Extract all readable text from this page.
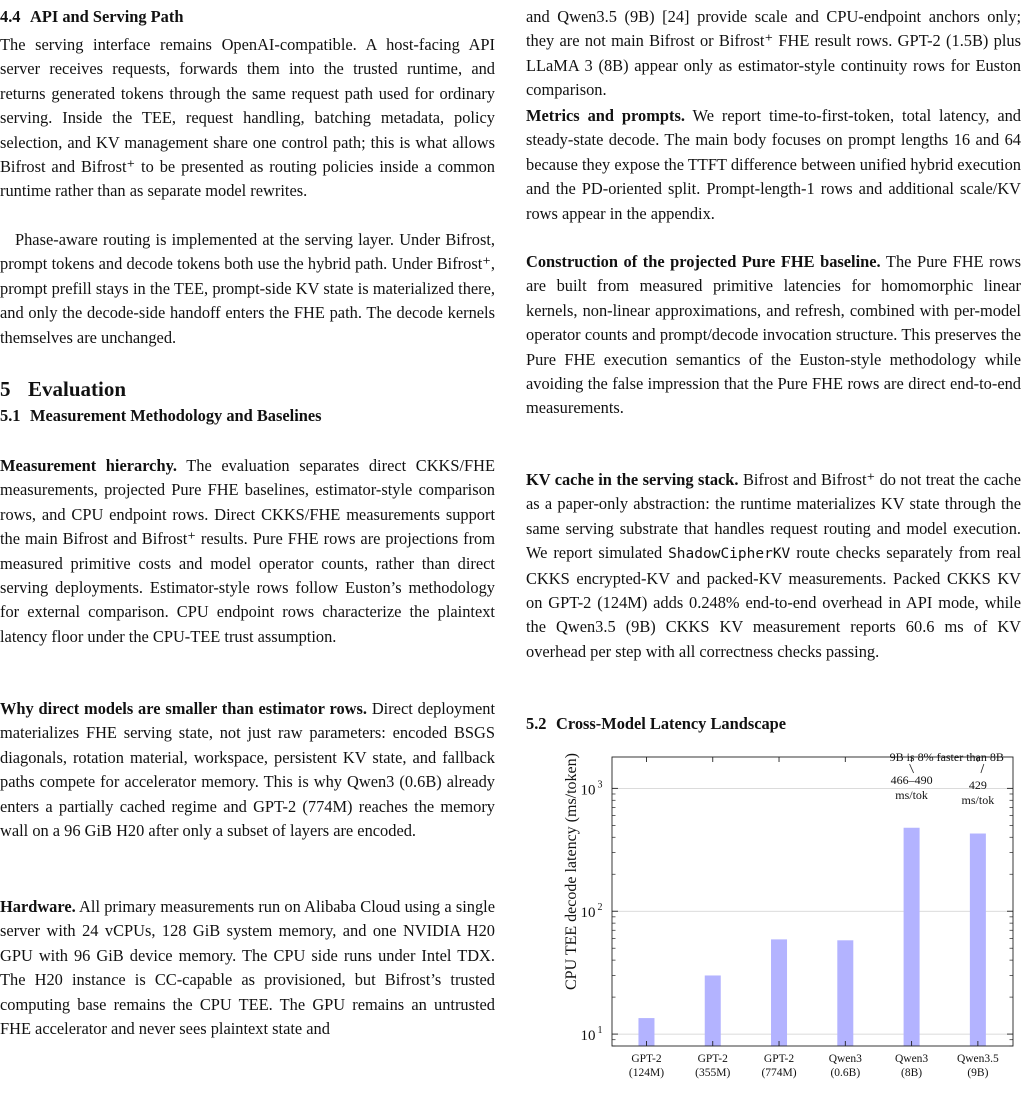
4.4 API and Serving Path

The serving interface remains OpenAI-compatible. A host-facing API server receives requests, forwards them into the trusted runtime, and returns generated tokens through the same request path used for ordinary serving. Inside the TEE, request handling, batching metadata, policy selection, and KV management share one control path; this is what allows Bifrost and Bifrost⁺ to be presented as routing policies inside a common runtime rather than as separate model rewrites.

Phase-aware routing is implemented at the serving layer. Under Bifrost, prompt tokens and decode tokens both use the hybrid path. Under Bifrost⁺, prompt prefill stays in the TEE, prompt-side KV state is materialized there, and only the decode-side handoff enters the FHE path. The decode kernels themselves are unchanged.

5 Evaluation

5.1 Measurement Methodology and Baselines

Measurement hierarchy. The evaluation separates direct CKKS/FHE measurements, projected Pure FHE baselines, estimator-style comparison rows, and CPU endpoint rows. Direct CKKS/FHE measurements support the main Bifrost and Bifrost⁺ results. Pure FHE rows are projections from measured primitive costs and model operator counts, rather than direct serving deployments. Estimator-style rows follow Euston’s methodology for external comparison. CPU endpoint rows characterize the plaintext latency floor under the CPU-TEE trust assumption.

Why direct models are smaller than estimator rows. Direct deployment materializes FHE serving state, not just raw parameters: encoded BSGS diagonals, rotation material, workspace, persistent KV state, and fallback paths compete for accelerator memory. This is why Qwen3 (0.6B) already enters a partially cached regime and GPT-2 (774M) reaches the memory wall on a 96 GiB H20 after only a subset of layers are encoded.

Hardware. All primary measurements run on Alibaba Cloud using a single server with 24 vCPUs, 128 GiB system memory, and one NVIDIA H20 GPU with 96 GiB device memory. The CPU side runs under Intel TDX. The H20 instance is CC-capable as provisioned, but Bifrost’s trusted computing base remains the CPU TEE. The GPU remains an untrusted FHE accelerator and never sees plaintext state and

and Qwen3.5 (9B) [24] provide scale and CPU-endpoint anchors only; they are not main Bifrost or Bifrost⁺ FHE result rows. GPT-2 (1.5B) plus LLaMA 3 (8B) appear only as estimator-style continuity rows for Euston comparison.

Metrics and prompts. We report time-to-first-token, total latency, and steady-state decode. The main body focuses on prompt lengths 16 and 64 because they expose the TTFT difference between unified hybrid execution and the PD-oriented split. Prompt-length-1 rows and additional scale/KV rows appear in the appendix.

Construction of the projected Pure FHE baseline. The Pure FHE rows are built from measured primitive latencies for homomorphic linear kernels, non-linear approximations, and refresh, combined with per-model operator counts and prompt/decode invocation structure. This preserves the Pure FHE execution semantics of the Euston-style methodology while avoiding the false impression that the Pure FHE rows are direct end-to-end measurements.

KV cache in the serving stack. Bifrost and Bifrost⁺ do not treat the cache as a paper-only abstraction: the runtime materializes KV state through the same serving substrate that handles request routing and model execution. We report simulated ShadowCipherKV route checks separately from real CKKS encrypted-KV and packed-KV measurements. Packed CKKS KV on GPT-2 (124M) adds 0.248% end-to-end overhead in API mode, while the Qwen3.5 (9B) CKKS KV measurement reports 60.6 ms of KV overhead per step with all correctness checks passing.

5.2 Cross-Model Latency Landscape

10 1
10 2
10 3
GPT-2
(124M)
GPT-2
(355M)
GPT-2
(774M)
Qwen3
(0.6B)
Qwen3
(8B)
Qwen3.5
(9B)
CPU TEE decode latency (ms/token)	9B is 8% faster than 8B
466–490
ms/tok
429
ms/tok
